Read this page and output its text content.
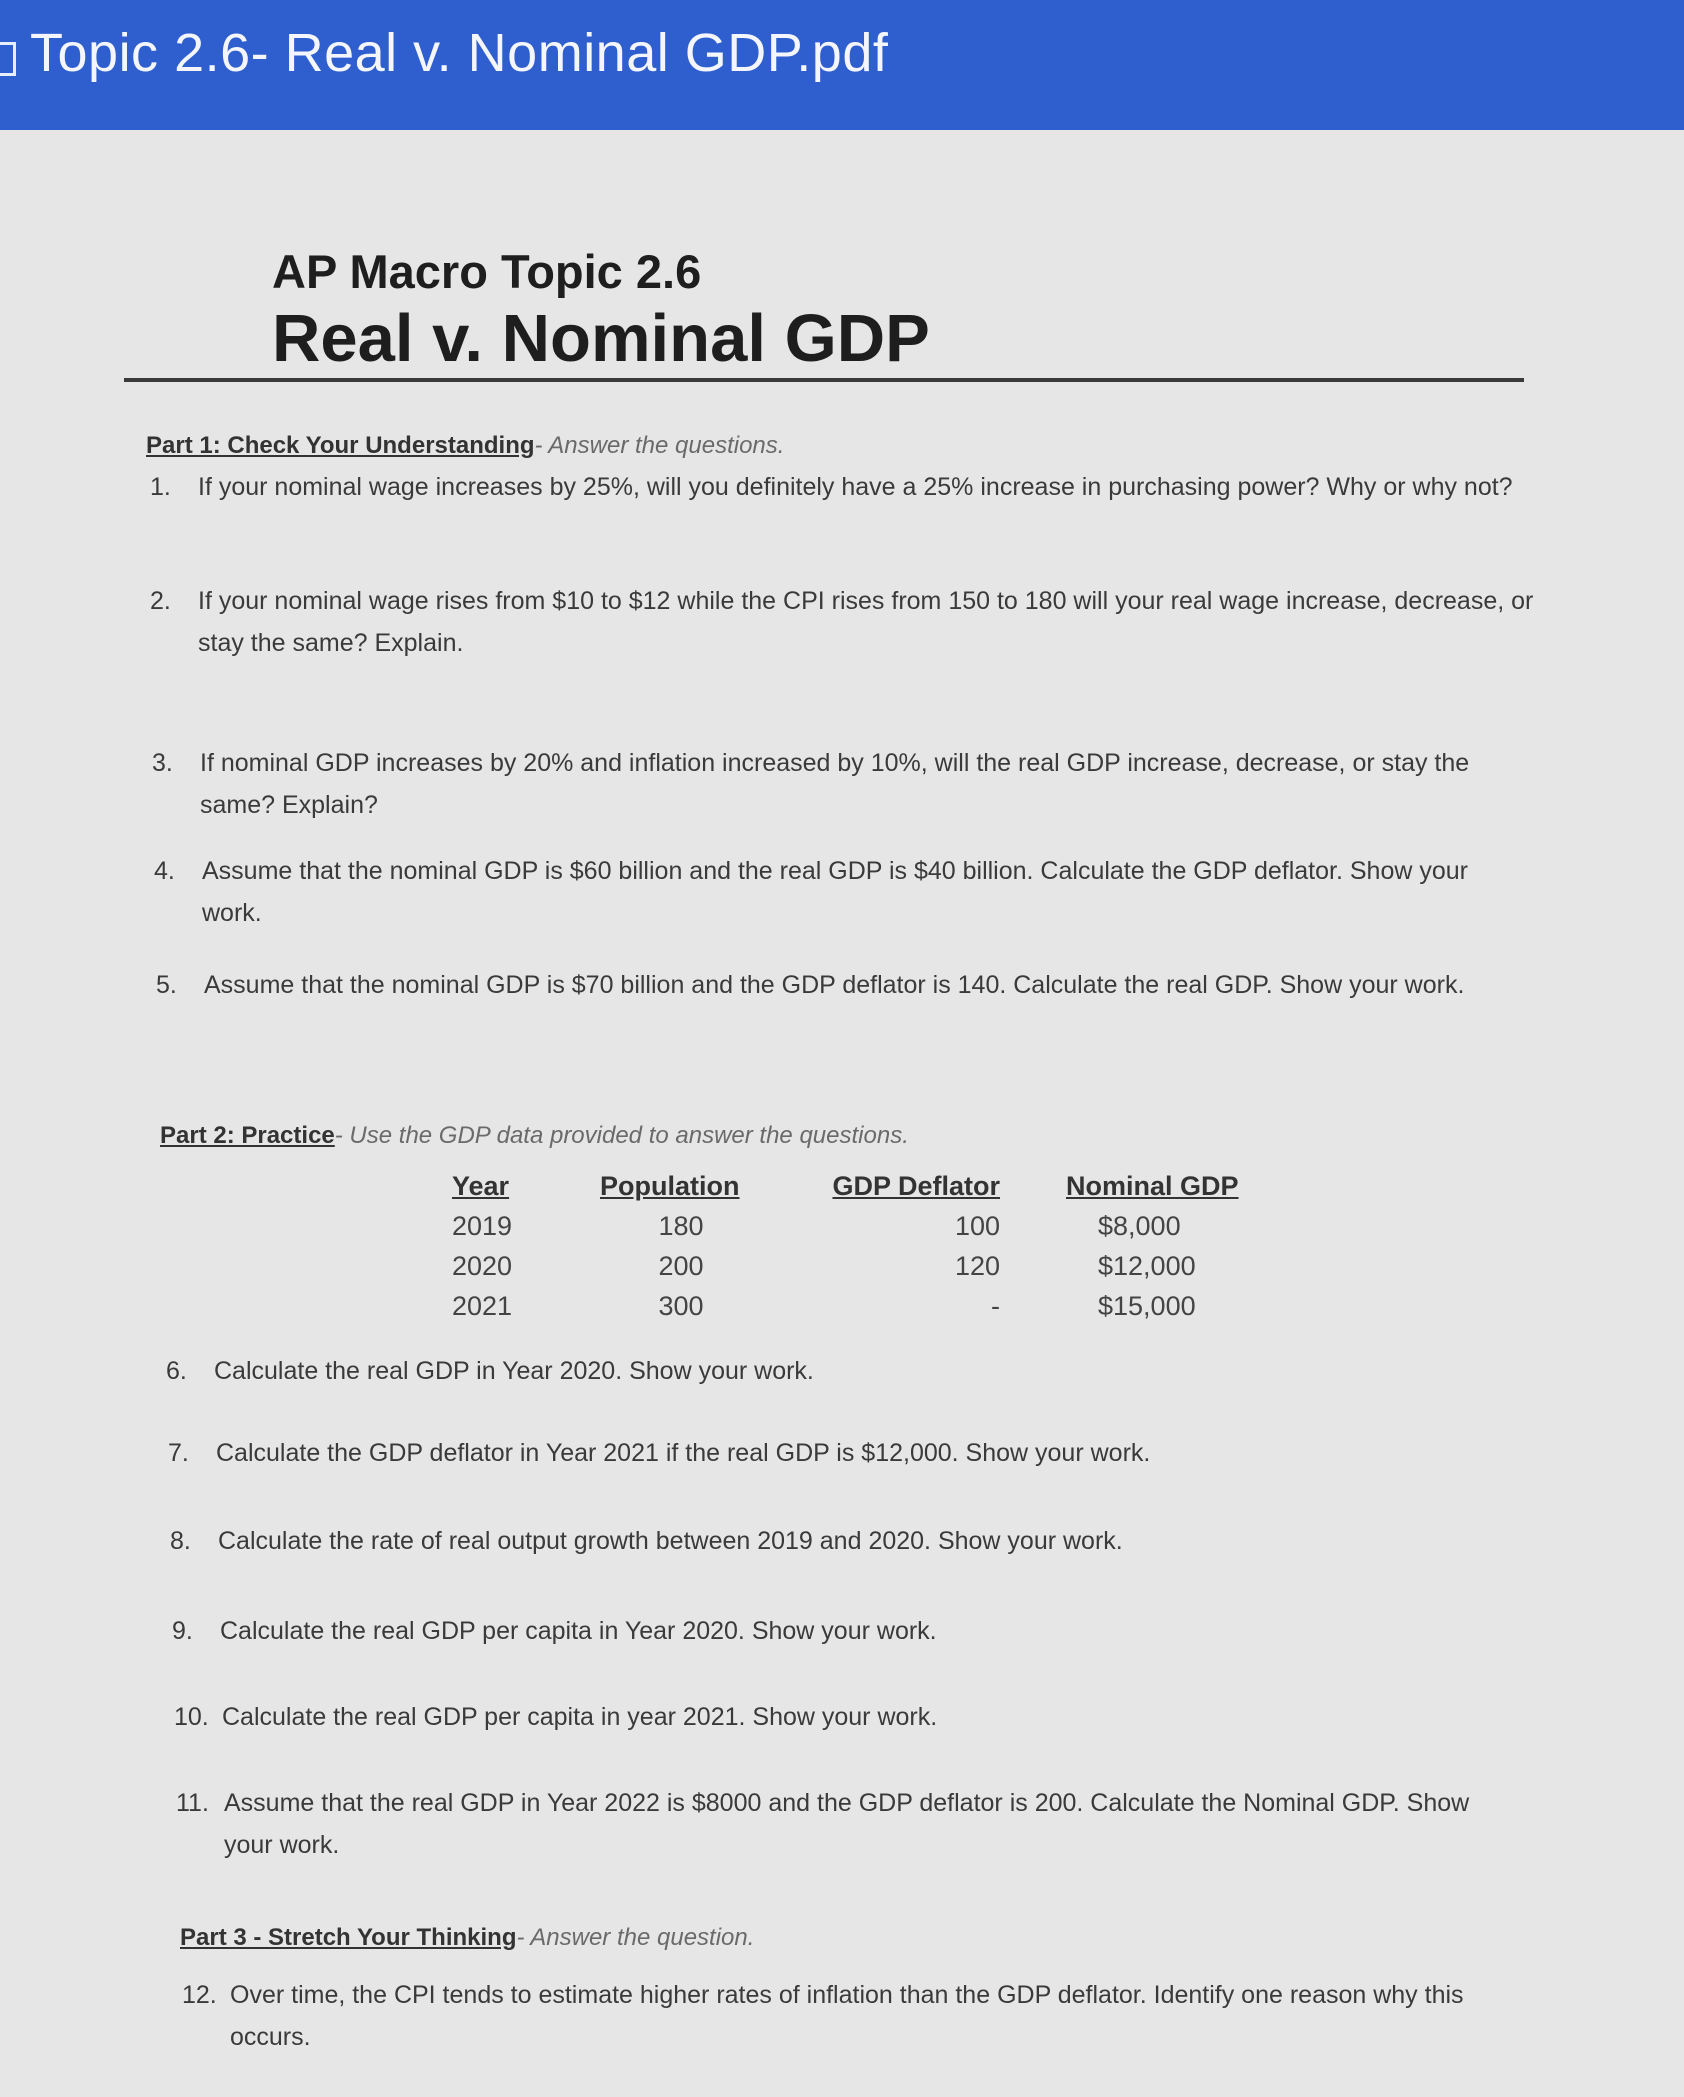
Topic 2.6- Real v. Nominal GDP.pdf
AP Macro Topic 2.6
Real v. Nominal GDP
Part 1: Check Your Understanding- Answer the questions.
1.	If your nominal wage increases by 25%, will you definitely have a 25% increase in purchasing power? Why or why not?
2.	If your nominal wage rises from $10 to $12 while the CPI rises from 150 to 180 will your real wage increase, decrease, or stay the same? Explain.
3.	If nominal GDP increases by 20% and inflation increased by 10%, will the real GDP increase, decrease, or stay the same? Explain?
4.	Assume that the nominal GDP is $60 billion and the real GDP is $40 billion. Calculate the GDP deflator. Show your work.
5.	Assume that the nominal GDP is $70 billion and the GDP deflator is 140. Calculate the real GDP. Show your work.
Part 2: Practice- Use the GDP data provided to answer the questions.
Year	Population	GDP Deflator	Nominal GDP
2019	180	100	$8,000
2020	200	120	$12,000
2021	300	-	$15,000
6.	Calculate the real GDP in Year 2020. Show your work.
7.	Calculate the GDP deflator in Year 2021 if the real GDP is $12,000. Show your work.
8.	Calculate the rate of real output growth between 2019 and 2020. Show your work.
9.	Calculate the real GDP per capita in Year 2020. Show your work.
10. Calculate the real GDP per capita in year 2021. Show your work.
11. Assume that the real GDP in Year 2022 is $8000 and the GDP deflator is 200. Calculate the Nominal GDP. Show your work.
Part 3 - Stretch Your Thinking- Answer the question.
12. Over time, the CPI tends to estimate higher rates of inflation than the GDP deflator. Identify one reason why this occurs.
